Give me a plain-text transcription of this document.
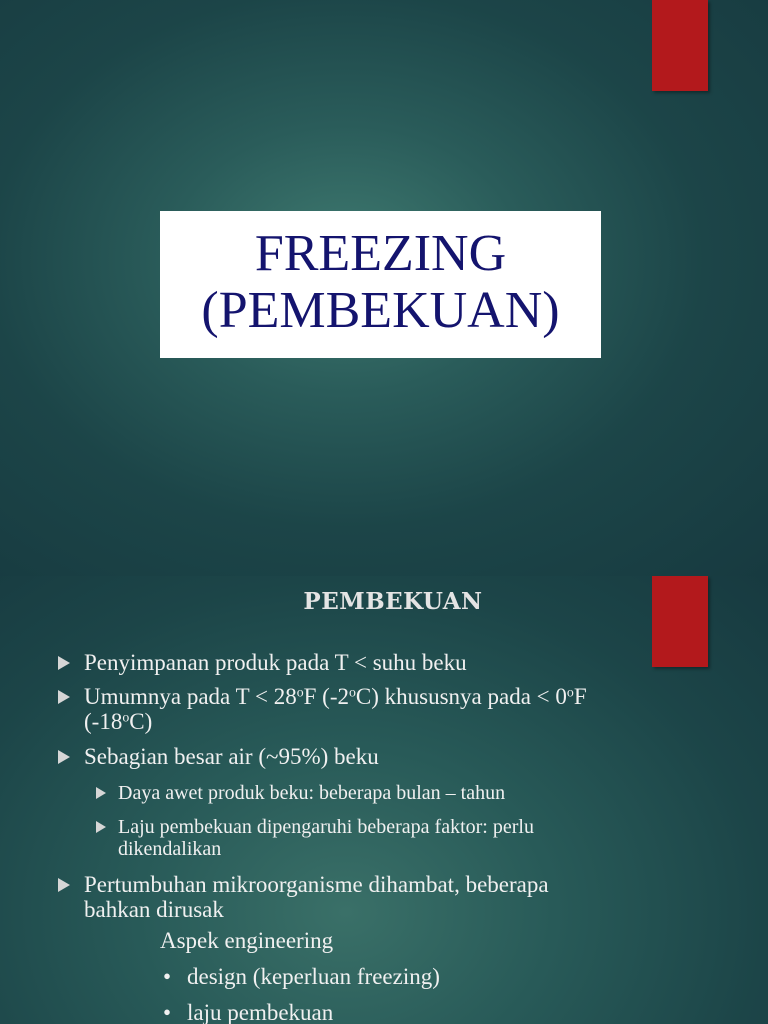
FREEZING
(PEMBEKUAN)
PEMBEKUAN
Penyimpanan produk pada T < suhu beku
Umumnya pada $T < 28^oF$ (-2$^o$C) khususnya pada < $0^oF$
(-18$^o$C)
Sebagian besar air (~95%) beku
Daya awet produk beku: beberapa bulan – tahun
Laju pembekuan dipengaruhi beberapa faktor: perlu
dikendalikan
Pertumbuhan mikroorganisme dihambat, beberapa
bahkan dirusak
Aspek engineering
• design (keperluan freezing)
• laju pembekuan
